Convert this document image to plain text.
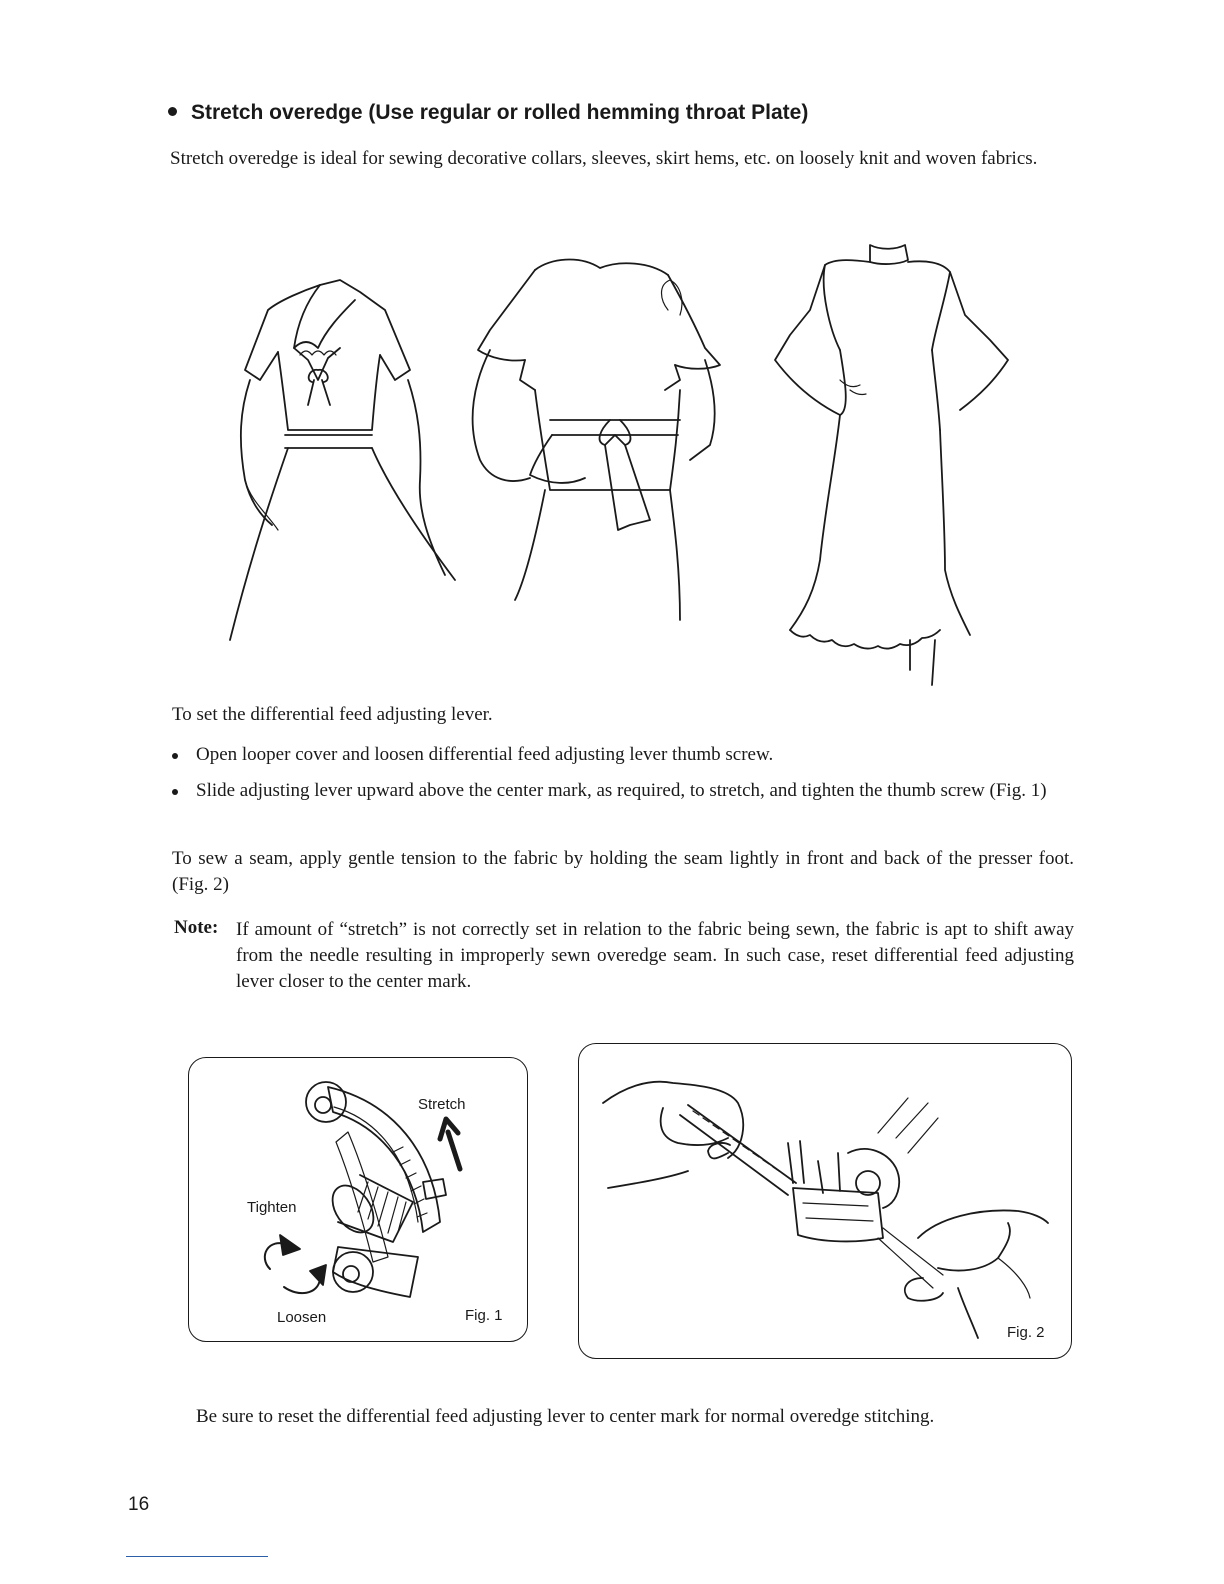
Stretch overedge (Use regular or rolled hemming throat Plate)
Stretch overedge is ideal for sewing decorative collars, sleeves, skirt hems, etc. on loosely knit and woven fabrics.
To set the differential feed adjusting lever.
Open looper cover and loosen differential feed adjusting lever thumb screw.
Slide adjusting lever upward above the center mark, as required, to stretch, and tighten the thumb screw (Fig. 1)
To sew a seam, apply gentle tension to the fabric by holding the seam lightly in front and back of the presser foot. (Fig. 2)
Note: If amount of “stretch” is not correctly set in relation to the fabric being sewn, the fabric is apt to shift away from the needle resulting in improperly sewn overedge seam. In such case, reset differential feed adjusting lever closer to the center mark.
Stretch
Tighten
Loosen	Fig. 1
Fig. 2
Be sure to reset the differential feed adjusting lever to center mark for normal overedge stitching.
16
